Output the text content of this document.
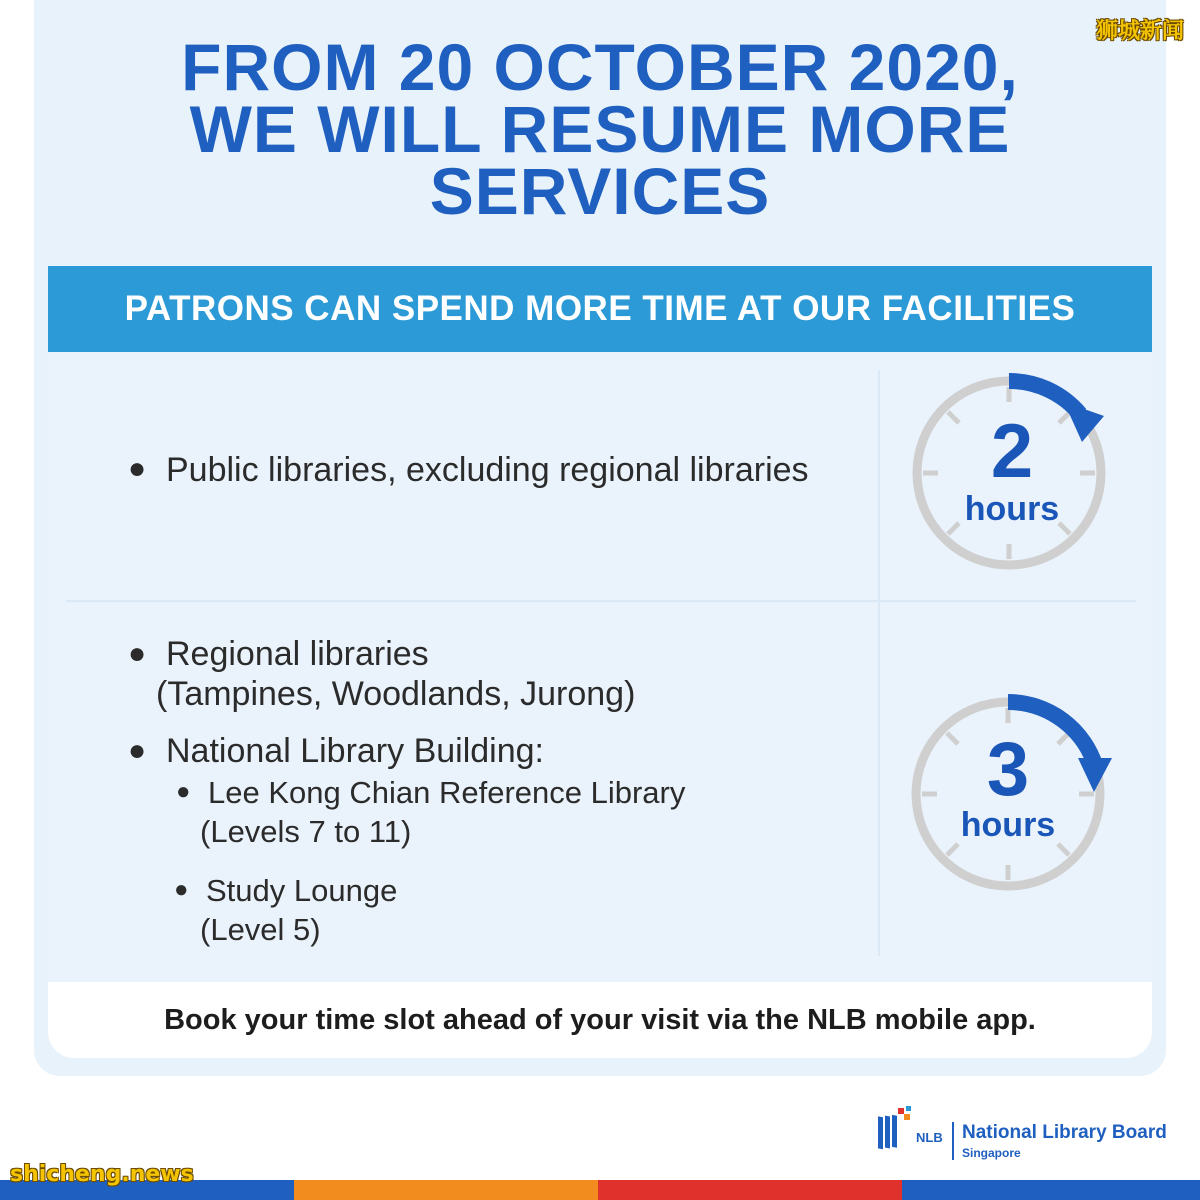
FROM 20 OCTOBER 2020,
WE WILL RESUME MORE
SERVICES
PATRONS CAN SPEND MORE TIME AT OUR FACILITIES
● Public libraries, excluding regional libraries	2
hours
● Regional libraries
(Tampines, Woodlands, Jurong)
● National Library Building:
● Lee Kong Chian Reference Library
(Levels 7 to 11)
● Study Lounge
(Level 5)
3
hours
Book your time slot ahead of your visit via the NLB mobile app.
NLB National Library Board
Singapore
狮城新闻
shicheng.news
